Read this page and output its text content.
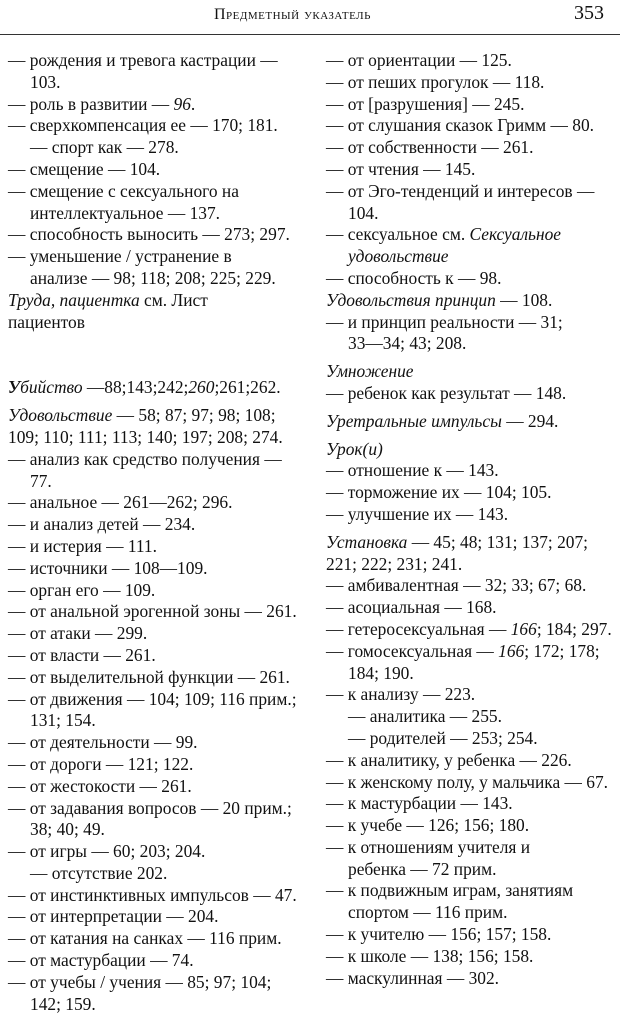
Предметный указатель	353
— рождения и тревога кастрации —
103.
— роль в развитии — 96.
— сверхкомпенсация ее — 170; 181.
— спорт как — 278.
— смещение — 104.
— смещение с сексуального на
интеллектуальное — 137.
— способность выносить — 273; 297.
— уменьшение / устранение в
анализе — 98; 118; 208; 225; 229.
Труда, пациентка см. Лист
пациентов
Убийство —88;143;242;260;261;262.
Удовольствие — 58; 87; 97; 98; 108;
109; 110; 111; 113; 140; 197; 208; 274.
— анализ как средство получения —
77.
— анальное — 261—262; 296.
— и анализ детей — 234.
— и истерия — 111.
— источники — 108—109.
— орган его — 109.
— от анальной эрогенной зоны — 261.
— от атаки — 299.
— от власти — 261.
— от выделительной функции — 261.
— от движения — 104; 109; 116 прим.;
131; 154.
— от деятельности — 99.
— от дороги — 121; 122.
— от жестокости — 261.
— от задавания вопросов — 20 прим.;
38; 40; 49.
— от игры — 60; 203; 204.
— отсутствие 202.
— от инстинктивных импульсов — 47.
— от интерпретации — 204.
— от катания на санках — 116 прим.
— от мастурбации — 74.
— от учебы / учения — 85; 97; 104;
142; 159.
— от ориентации — 125.
— от пеших прогулок — 118.
— от [разрушения] — 245.
— от слушания сказок Гримм — 80.
— от собственности — 261.
— от чтения — 145.
— от Эго-тенденций и интересов —
104.
— сексуальное см. Сексуальное
удовольствие
— способность к — 98.
Удовольствия принцип — 108.
— и принцип реальности — 31;
33—34; 43; 208.
Умножение
— ребенок как результат — 148.
Уретральные импульсы — 294.
Урок(и)
— отношение к — 143.
— торможение их — 104; 105.
— улучшение их — 143.
Установка — 45; 48; 131; 137; 207;
221; 222; 231; 241.
— амбивалентная — 32; 33; 67; 68.
— асоциальная — 168.
— гетеросексуальная — 166; 184; 297.
— гомосексуальная — 166; 172; 178;
184; 190.
— к анализу — 223.
— аналитика — 255.
— родителей — 253; 254.
— к аналитику, у ребенка — 226.
— к женскому полу, у мальчика — 67.
— к мастурбации — 143.
— к учебе — 126; 156; 180.
— к отношениям учителя и
ребенка — 72 прим.
— к подвижным играм, занятиям
спортом — 116 прим.
— к учителю — 156; 157; 158.
— к школе — 138; 156; 158.
— маскулинная — 302.
